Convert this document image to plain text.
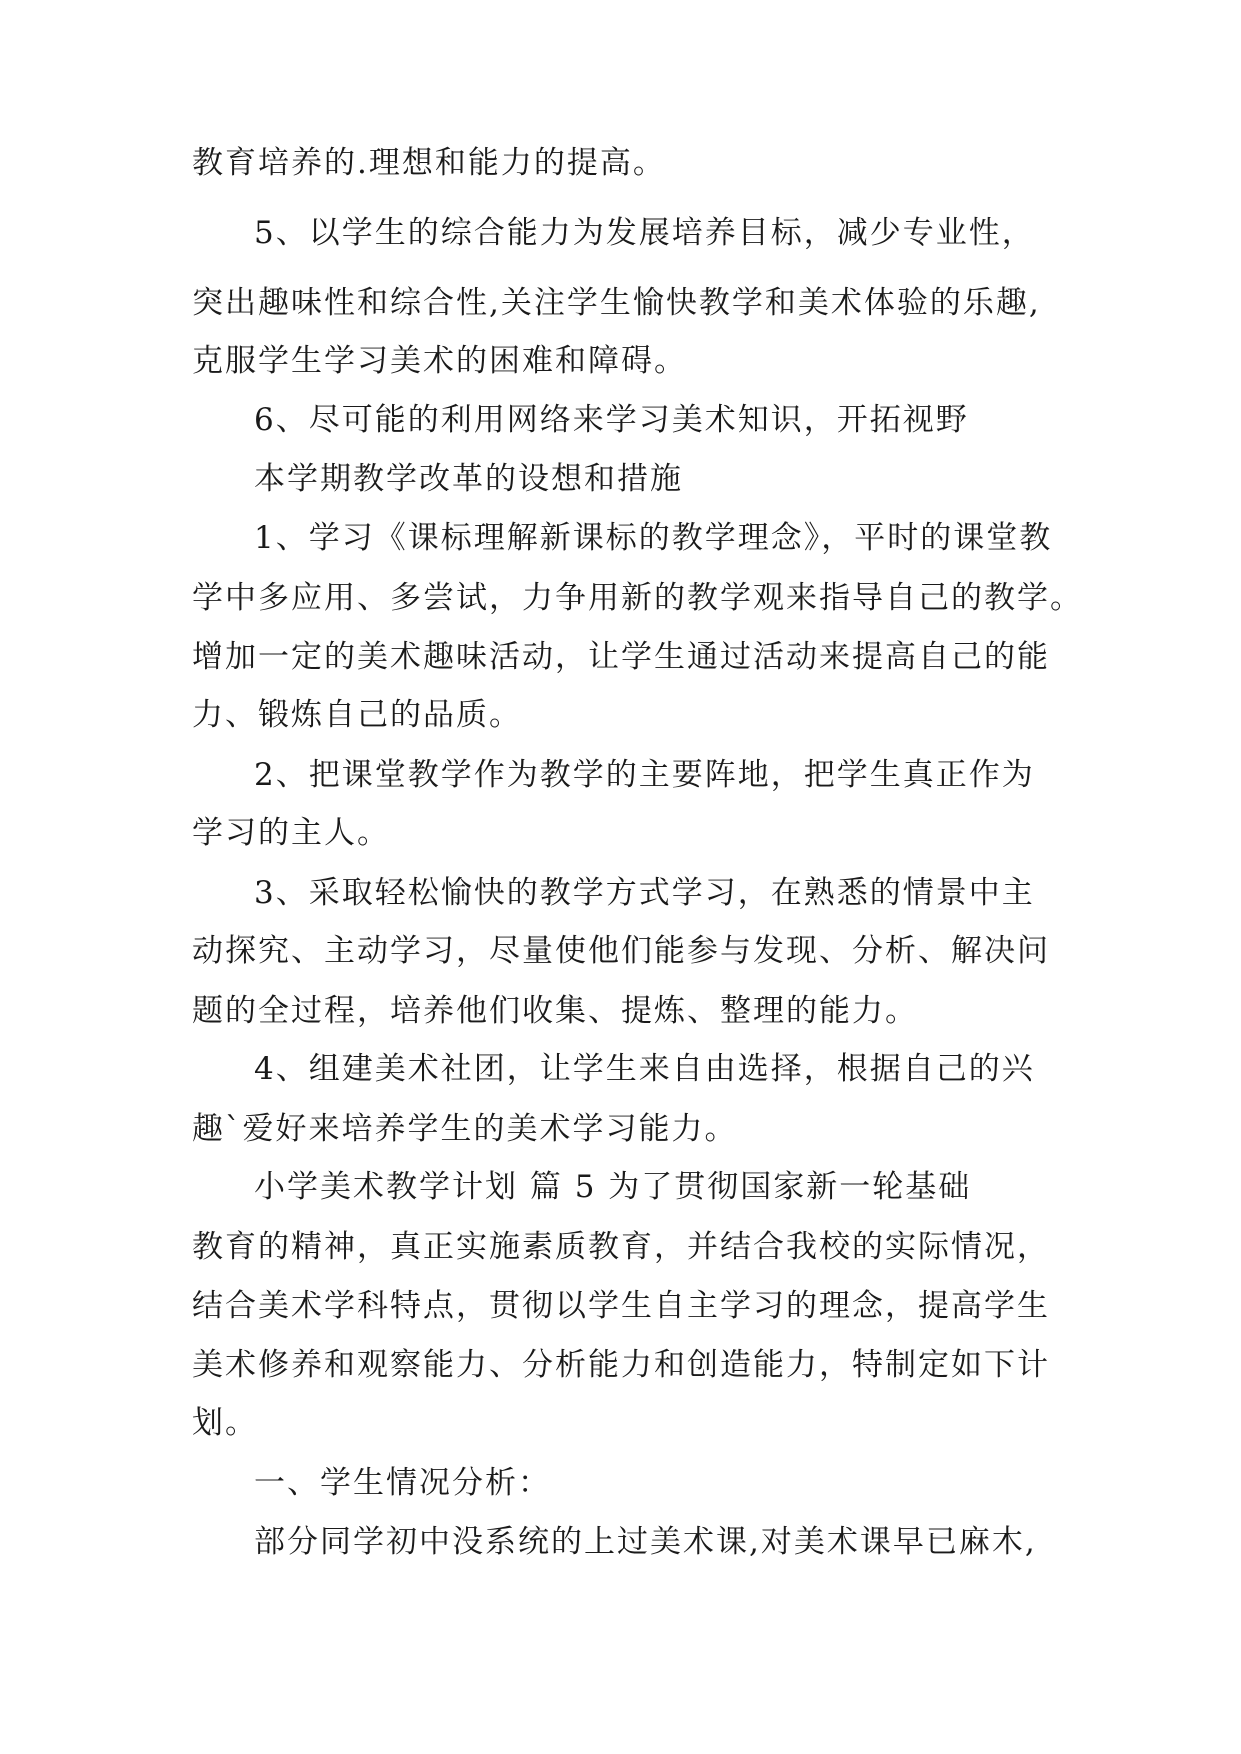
教育培养的.理想和能力的提高。
5、以学生的综合能力为发展培养目标，减少专业性，
突出趣味性和综合性,关注学生愉快教学和美术体验的乐趣,
克服学生学习美术的困难和障碍。
6、尽可能的利用网络来学习美术知识，开拓视野
本学期教学改革的设想和措施
1、学习《课标理解新课标的教学理念》，平时的课堂教
学中多应用、多尝试，力争用新的教学观来指导自己的教学。
增加一定的美术趣味活动，让学生通过活动来提高自己的能
力、锻炼自己的品质。
2、把课堂教学作为教学的主要阵地，把学生真正作为
学习的主人。
3、采取轻松愉快的教学方式学习，在熟悉的情景中主
动探究、主动学习，尽量使他们能参与发现、分析、解决问
题的全过程，培养他们收集、提炼、整理的能力。
4、组建美术社团，让学生来自由选择，根据自己的兴
趣`爱好来培养学生的美术学习能力。
小学美术教学计划 篇 5 为了贯彻国家新一轮基础
教育的精神，真正实施素质教育，并结合我校的实际情况，
结合美术学科特点，贯彻以学生自主学习的理念，提高学生
美术修养和观察能力、分析能力和创造能力，特制定如下计
划。
一、学生情况分析：
部分同学初中没系统的上过美术课,对美术课早已麻木,
